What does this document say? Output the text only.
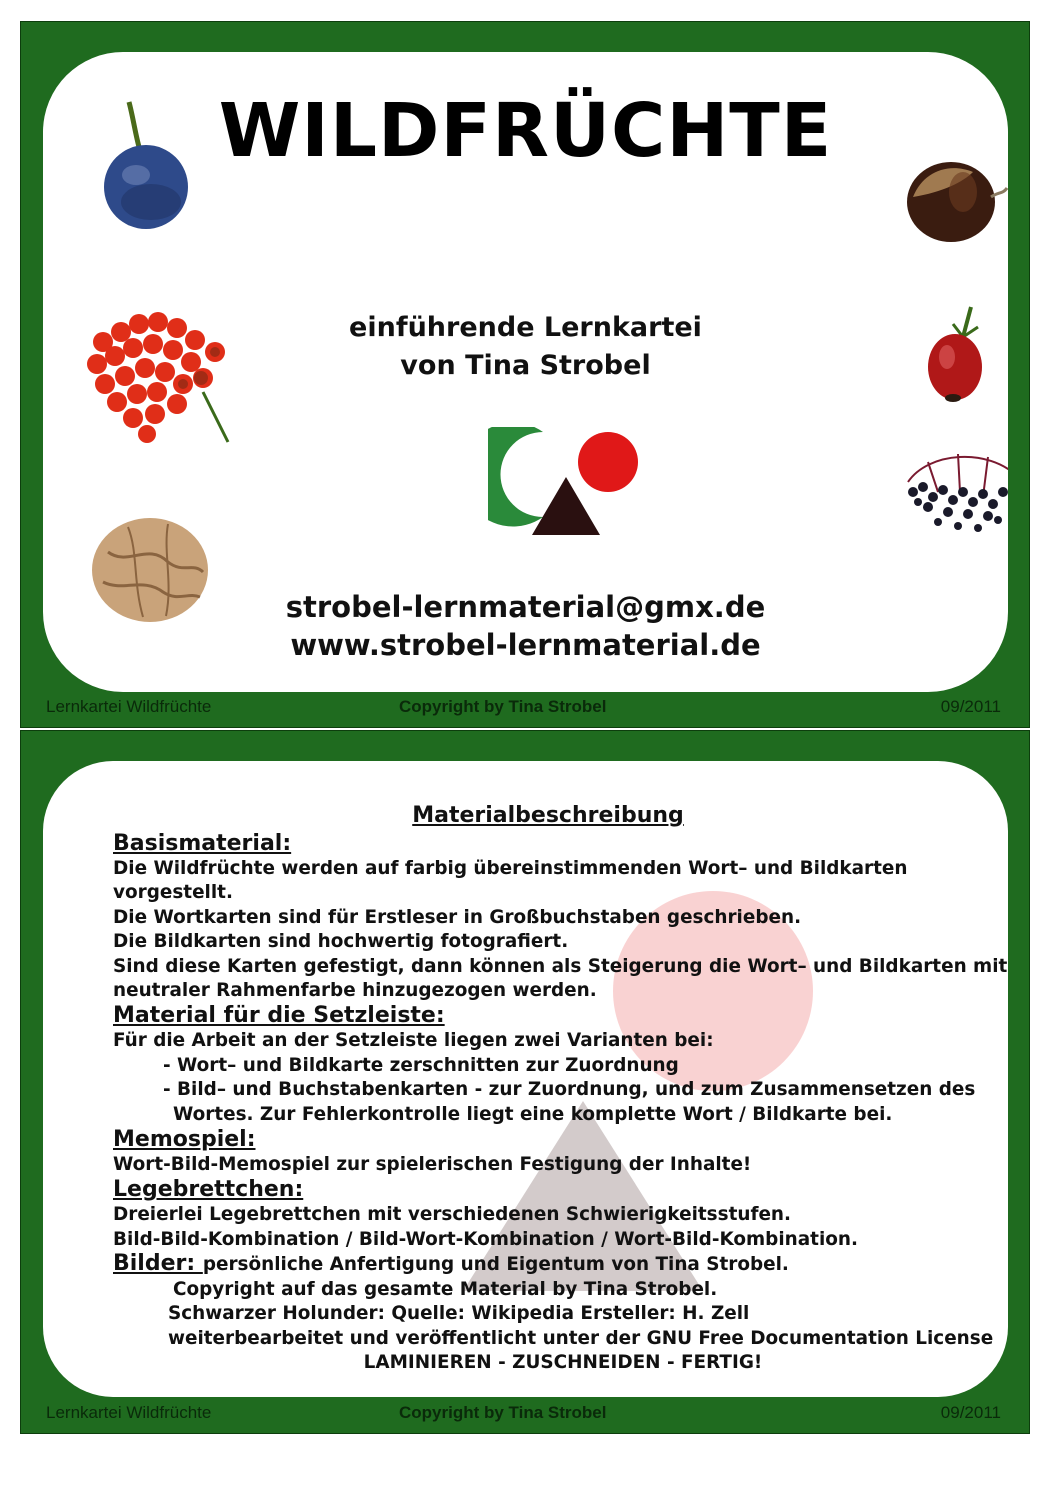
WILDFRÜCHTE
einführende Lernkartei
von Tina Strobel
strobel-lernmaterial@gmx.de
www.strobel-lernmaterial.de
Lernkartei Wildfrüchte	Copyright by Tina Strobel	09/2011
Materialbeschreibung
Basismaterial:

Die Wildfrüchte werden auf farbig übereinstimmenden Wort– und Bildkarten

vorgestellt.

Die Wortkarten sind für Erstleser in Großbuchstaben geschrieben.

Die Bildkarten sind hochwertig fotografiert.

Sind diese Karten gefestigt, dann können als Steigerung die Wort– und Bildkarten mit

neutraler Rahmenfarbe hinzugezogen werden.

Material für die Setzleiste:

Für die Arbeit an der Setzleiste liegen zwei Varianten bei:

- Wort– und Bildkarte zerschnitten zur Zuordnung

- Bild– und Buchstabenkarten - zur Zuordnung, und zum Zusammensetzen des

Wortes. Zur Fehlerkontrolle liegt eine komplette Wort / Bildkarte bei.

Memospiel:

Wort-Bild-Memospiel zur spielerischen Festigung der Inhalte!

Legebrettchen:

Dreierlei Legebrettchen mit verschiedenen Schwierigkeitsstufen.

Bild-Bild-Kombination / Bild-Wort-Kombination / Wort-Bild-Kombination.

Bilder: persönliche Anfertigung und Eigentum von Tina Strobel.

Copyright auf das gesamte Material by Tina Strobel.

Schwarzer Holunder: Quelle: Wikipedia Ersteller: H. Zell

weiterbearbeitet und veröffentlicht unter der GNU Free Documentation License

LAMINIEREN - ZUSCHNEIDEN - FERTIG!

Lernkartei Wildfrüchte	Copyright by Tina Strobel	09/2011
